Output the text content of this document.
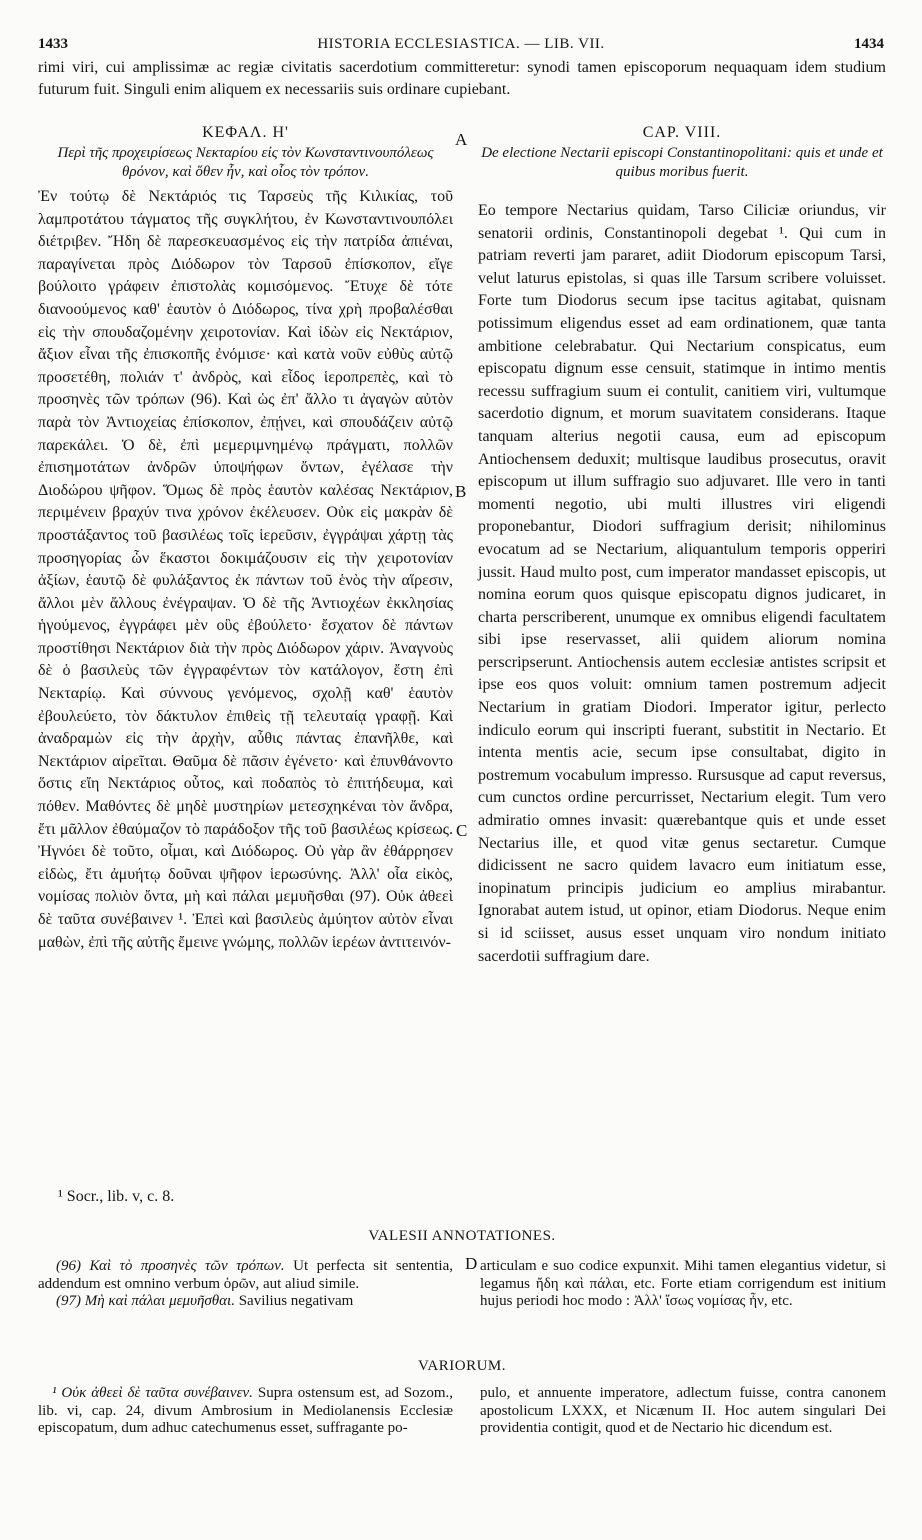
1433	HISTORIA ECCLESIASTICA. — LIB. VII.	1434

rimi viri, cui amplissimæ ac regiæ civitatis sacerdotium committeretur: synodi tamen episcoporum nequaquam idem studium futurum fuit. Singuli enim aliquem ex necessariis suis ordinare cupiebant.

ΚΕΦΑΛ. Η'
Περὶ τῆς προχειρίσεως Νεκταρίου εἰς τὸν Κωνσταντινουπόλεως θρόνον, καὶ ὅθεν ἦν, καὶ οἷος τὸν τρόπον.

Ἐν τούτῳ δὲ Νεκτάριός τις Ταρσεὺς τῆς Κιλικίας, τοῦ λαμπροτάτου τάγματος τῆς συγκλήτου, ἐν Κωνσταντινουπόλει διέτριβεν. Ἤδη δὲ παρεσκευασμένος εἰς τὴν πατρίδα ἀπιέναι, παραγίνεται πρὸς Διόδωρον τὸν Ταρσοῦ ἐπίσκοπον, εἴγε βούλοιτο γράφειν ἐπιστολὰς κομισόμενος. Ἔτυχε δὲ τότε διανοούμενος καθ' ἑαυτὸν ὁ Διόδωρος, τίνα χρὴ προβαλέσθαι εἰς τὴν σπουδαζομένην χειροτονίαν. Καὶ ἰδὼν εἰς Νεκτάριον, ἄξιον εἶναι τῆς ἐπισκοπῆς ἐνόμισε· καὶ κατὰ νοῦν εὐθὺς αὐτῷ προσετέθη, πολιάν τ' ἀνδρὸς, καὶ εἶδος ἱεροπρεπὲς, καὶ τὸ προσηνὲς τῶν τρόπων (96). Καὶ ὡς ἐπ' ἄλλο τι ἀγαγὼν αὐτὸν παρὰ τὸν Ἀντιοχείας ἐπίσκοπον, ἐπῄνει, καὶ σπουδάζειν αὐτῷ παρεκάλει. Ὁ δὲ, ἐπὶ μεμεριμνημένῳ πράγματι, πολλῶν ἐπισημοτάτων ἀνδρῶν ὑποψήφων ὄντων, ἐγέλασε τὴν Διοδώρου ψῆφον. Ὅμως δὲ πρὸς ἑαυτὸν καλέσας Νεκτάριον, περιμένειν βραχύν τινα χρόνον ἐκέλευσεν. Οὐκ εἰς μακρὰν δὲ προστάξαντος τοῦ βασιλέως τοῖς ἱερεῦσιν, ἐγγράψαι χάρτῃ τὰς προσηγορίας ὧν ἕκαστοι δοκιμάζουσιν εἰς τὴν χειροτονίαν ἀξίων, ἑαυτῷ δὲ φυλάξαντος ἐκ πάντων τοῦ ἑνὸς τὴν αἵρεσιν, ἄλλοι μὲν ἄλλους ἐνέγραψαν. Ὁ δὲ τῆς Ἀντιοχέων ἐκκλησίας ἡγούμενος, ἐγγράφει μὲν οὓς ἐβούλετο· ἔσχατον δὲ πάντων προστίθησι Νεκτάριον διὰ τὴν πρὸς Διόδωρον χάριν. Ἀναγνοὺς δὲ ὁ βασιλεὺς τῶν ἐγγραφέντων τὸν κατάλογον, ἔστη ἐπὶ Νεκταρίῳ. Καὶ σύννους γενόμενος, σχολῇ καθ' ἑαυτὸν ἐβουλεύετο, τὸν δάκτυλον ἐπιθεὶς τῇ τελευταίᾳ γραφῇ. Καὶ ἀναδραμὼν εἰς τὴν ἀρχὴν, αὖθις πάντας ἐπανῆλθε, καὶ Νεκτάριον αἱρεῖται. Θαῦμα δὲ πᾶσιν ἐγένετο· καὶ ἐπυνθάνοντο ὅστις εἴη Νεκτάριος οὗτος, καὶ ποδαπὸς τὸ ἐπιτήδευμα, καὶ πόθεν. Μαθόντες δὲ μηδὲ μυστηρίων μετεσχηκέναι τὸν ἄνδρα, ἔτι μᾶλλον ἐθαύμαζον τὸ παράδοξον τῆς τοῦ βασιλέως κρίσεως. Ἠγνόει δὲ τοῦτο, οἶμαι, καὶ Διόδωρος. Οὐ γὰρ ἂν ἐθάρρησεν εἰδὼς, ἔτι ἀμυήτῳ δοῦναι ψῆφον ἱερωσύνης. Ἀλλ' οἷα εἰκὸς, νομίσας πολιὸν ὄντα, μὴ καὶ πάλαι μεμυῆσθαι (97). Οὐκ ἀθεεὶ δὲ ταῦτα συνέβαινεν ¹. Ἐπεὶ καὶ βασιλεὺς ἀμύητον αὐτὸν εἶναι μαθὼν, ἐπὶ τῆς αὐτῆς ἔμεινε γνώμης, πολλῶν ἱερέων ἀντιτεινόν-

CAP. VIII.
De electione Nectarii episcopi Constantinopolitani: quis et unde et quibus moribus fuerit.

Eo tempore Nectarius quidam, Tarso Ciliciæ oriundus, vir senatorii ordinis, Constantinopoli degebat ¹. Qui cum in patriam reverti jam pararet, adiit Diodorum episcopum Tarsi, velut laturus epistolas, si quas ille Tarsum scribere voluisset. Forte tum Diodorus secum ipse tacitus agitabat, quisnam potissimum eligendus esset ad eam ordinationem, quæ tanta ambitione celebrabatur. Qui Nectarium conspicatus, eum episcopatu dignum esse censuit, statimque in intimo mentis recessu suffragium suum ei contulit, canitiem viri, vultumque sacerdotio dignum, et morum suavitatem considerans. Itaque tanquam alterius negotii causa, eum ad episcopum Antiochensem deduxit; multisque laudibus prosecutus, oravit episcopum ut illum suffragio suo adjuvaret. Ille vero in tanti momenti negotio, ubi multi illustres viri eligendi proponebantur, Diodori suffragium derisit; nihilominus evocatum ad se Nectarium, aliquantulum temporis opperiri jussit. Haud multo post, cum imperator mandasset episcopis, ut nomina eorum quos quisque episcopatu dignos judicaret, in charta perscriberent, unumque ex omnibus eligendi facultatem sibi ipse reservasset, alii quidem aliorum nomina perscripserunt. Antiochensis autem ecclesiæ antistes scripsit et ipse eos quos voluit: omnium tamen postremum adjecit Nectarium in gratiam Diodori. Imperator igitur, perlecto indiculo eorum qui inscripti fuerant, substitit in Nectario. Et intenta mentis acie, secum ipse consultabat, digito in postremum vocabulum impresso. Rursusque ad caput reversus, cum cunctos ordine percurrisset, Nectarium elegit. Tum vero admiratio omnes invasit: quærebantque quis et unde esset Nectarius ille, et quod vitæ genus sectaretur. Cumque didicissent ne sacro quidem lavacro eum initiatum esse, inopinatum principis judicium eo amplius mirabantur. Ignorabat autem istud, ut opinor, etiam Diodorus. Neque enim si id sciisset, ausus esset unquam viro nondum initiato sacerdotii suffragium dare.

A
B
C
D
¹ Socr., lib. v, c. 8.
VALESII ANNOTATIONES.

(96) Καὶ τὸ προσηνὲς τῶν τρόπων. Ut perfecta sit sententia, addendum est omnino verbum ὁρῶν, aut aliud simile.

(97) Μὴ καὶ πάλαι μεμυῆσθαι. Savilius negativam

articulam e suo codice expunxit. Mihi tamen elegantius videtur, si legamus ἤδη καὶ πάλαι, etc. Forte etiam corrigendum est initium hujus periodi hoc modo : Ἀλλ' ἴσως νομίσας ἦν, etc.

VARIORUM.

¹ Οὐκ ἀθεεὶ δὲ ταῦτα συνέβαινεν. Supra ostensum est, ad Sozom., lib. vi, cap. 24, divum Ambrosium in Mediolanensis Ecclesiæ episcopatum, dum adhuc catechumenus esset, suffragante po-

pulo, et annuente imperatore, adlectum fuisse, contra canonem apostolicum LXXX, et Nicænum II. Hoc autem singulari Dei providentia contigit, quod et de Nectario hic dicendum est.
